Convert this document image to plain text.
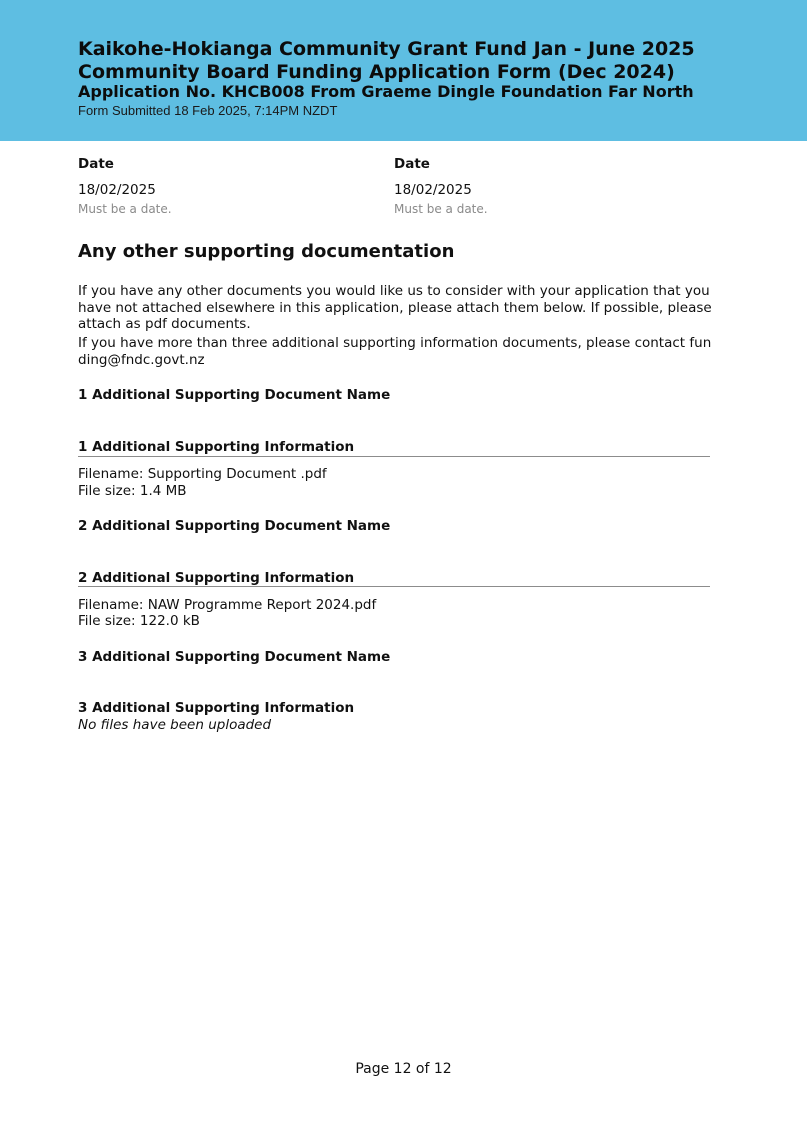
Kaikohe-Hokianga Community Grant Fund Jan - June 2025
Community Board Funding Application Form (Dec 2024)
Application No. KHCB008 From Graeme Dingle Foundation Far North
Form Submitted 18 Feb 2025, 7:14PM NZDT
Date
18/02/2025
Must be a date.
Date
18/02/2025
Must be a date.
Any other supporting documentation
If you have any other documents you would like us to consider with your application that you have not attached elsewhere in this application, please attach them below. If possible, please attach as pdf documents.
If you have more than three additional supporting information documents, please contact funding@fndc.govt.nz
1 Additional Supporting Document Name
1 Additional Supporting Information
Filename: Supporting Document .pdf
File size: 1.4 MB
2 Additional Supporting Document Name
2 Additional Supporting Information
Filename: NAW Programme Report 2024.pdf
File size: 122.0 kB
3 Additional Supporting Document Name
3 Additional Supporting Information
No files have been uploaded
Page 12 of 12
